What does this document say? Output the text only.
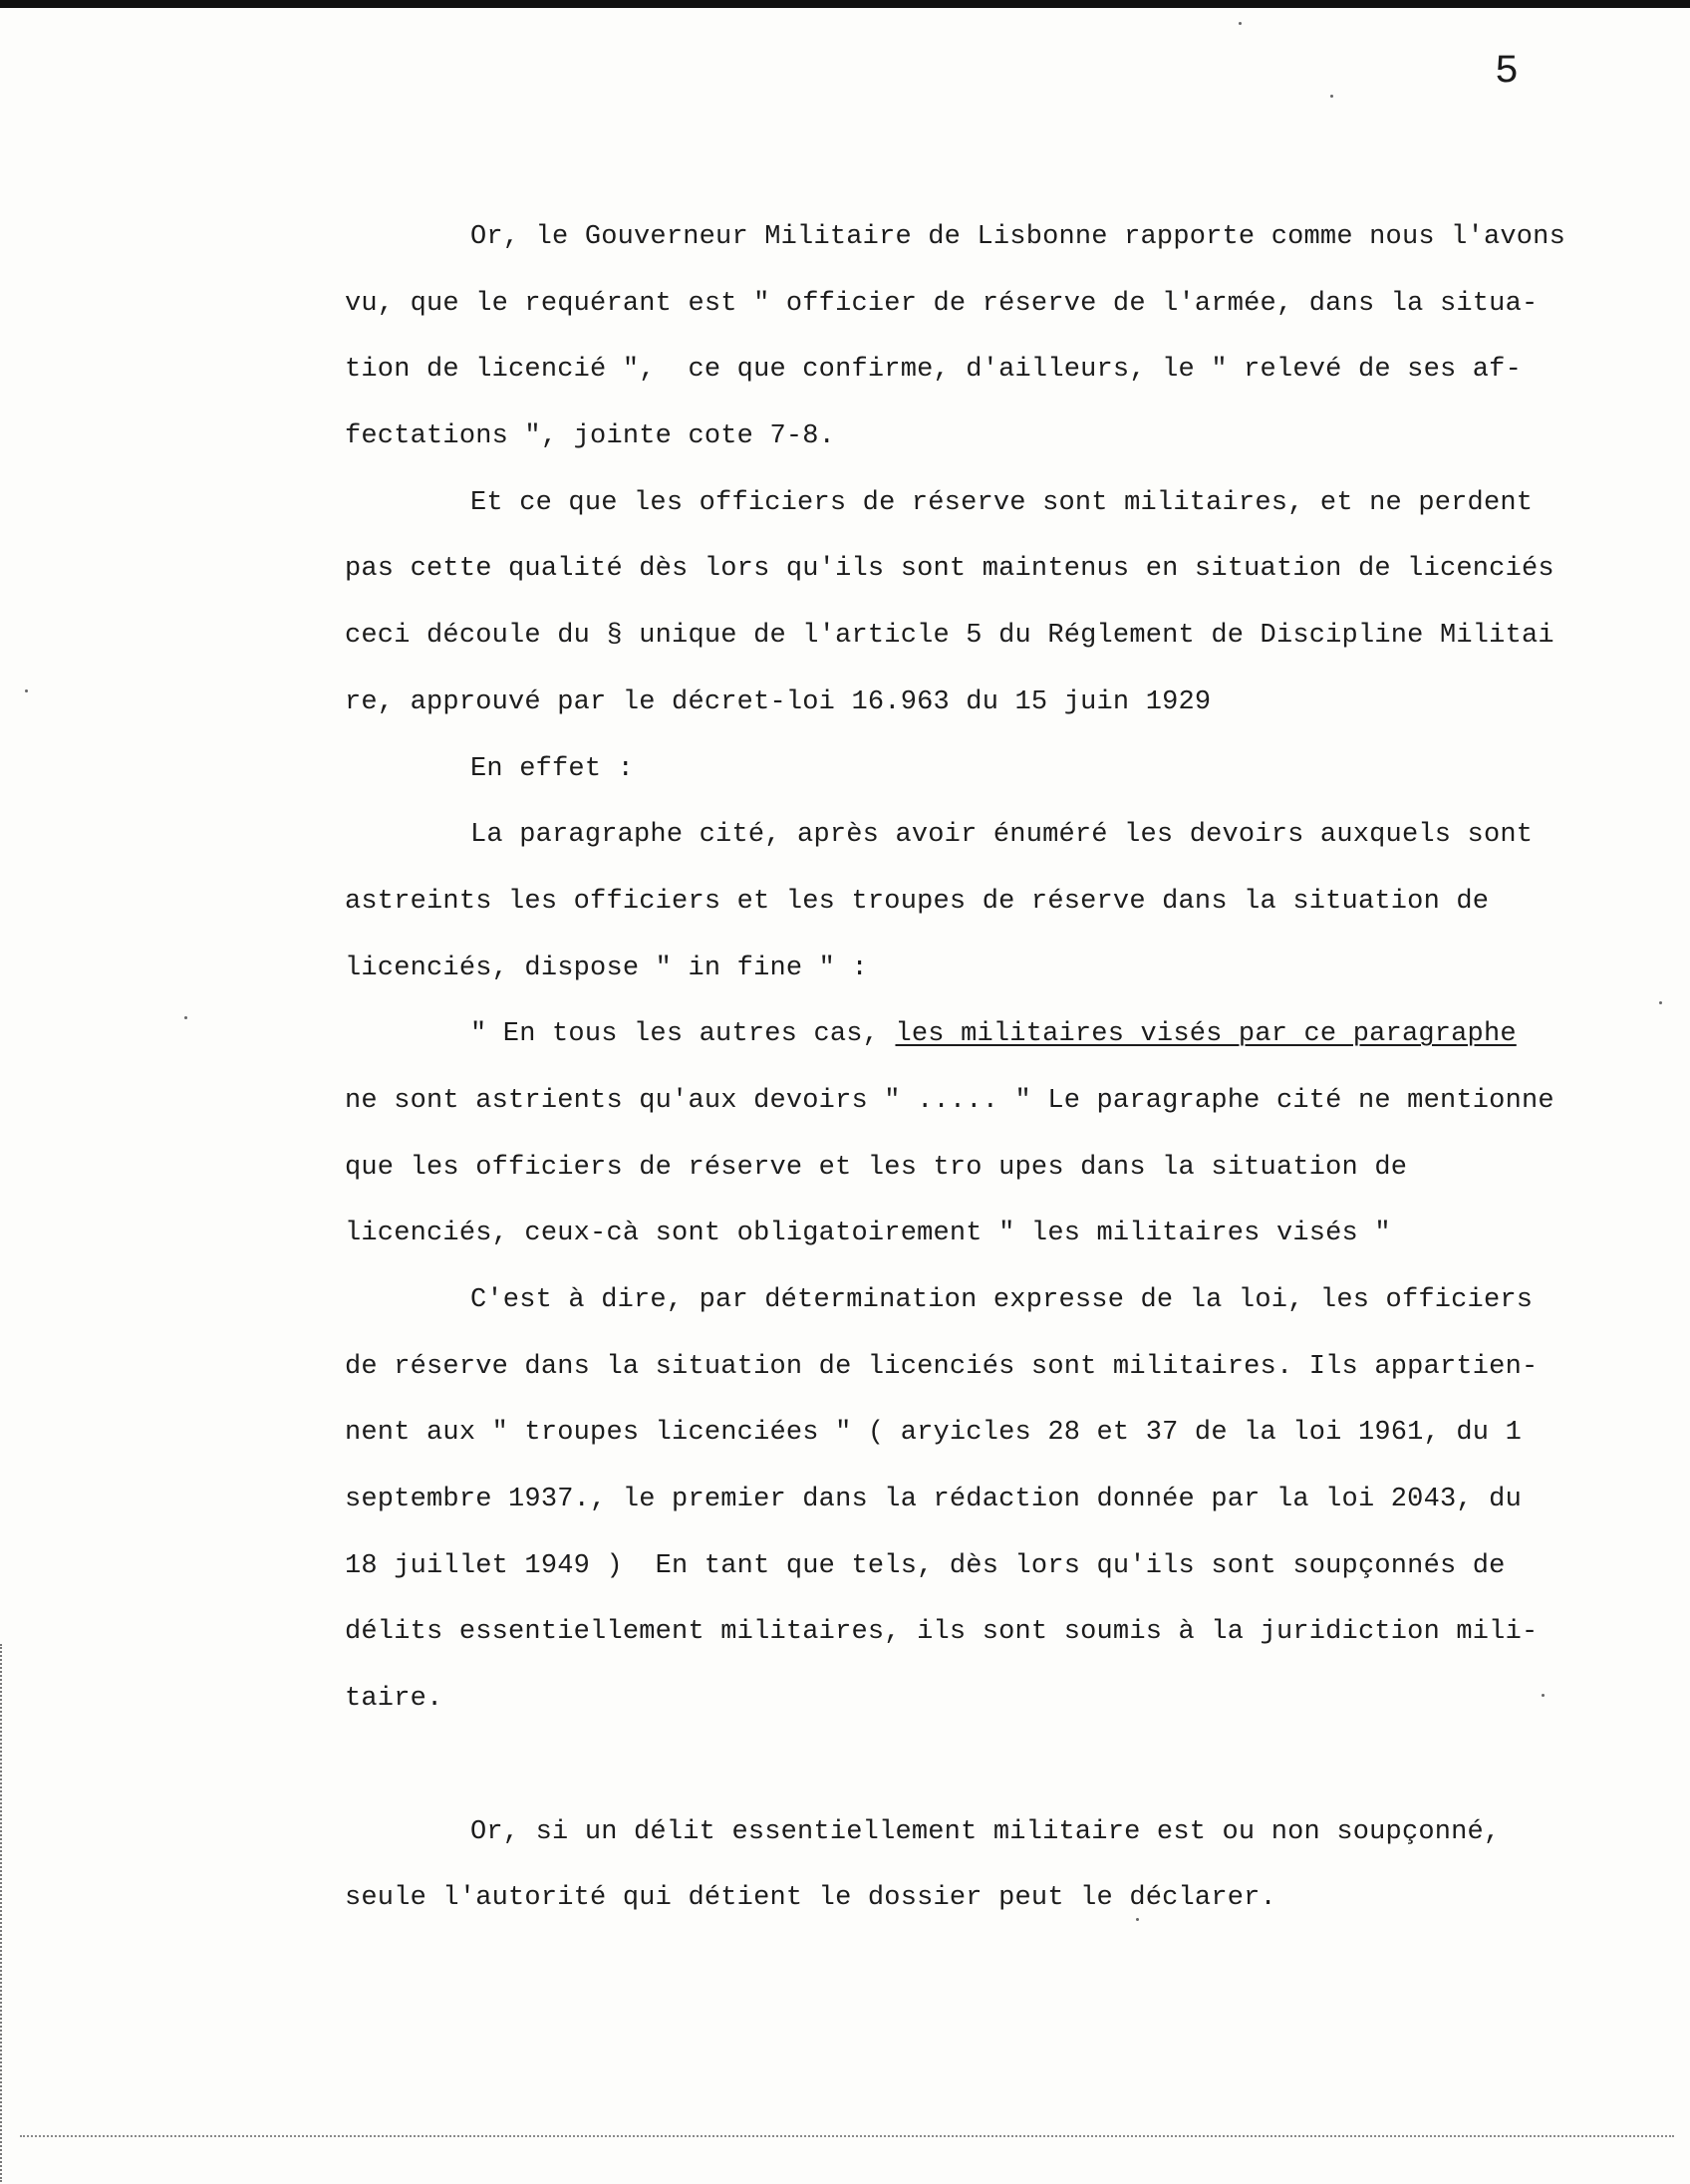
5
Or, le Gouverneur Militaire de Lisbonne rapporte comme nous l'avons
vu, que le requérant est " officier de réserve de l'armée, dans la situa-
tion de licencié ",  ce que confirme, d'ailleurs, le " relevé de ses af-
fectations ", jointe cote 7-8.
Et ce que les officiers de réserve sont militaires, et ne perdent
pas cette qualité dès lors qu'ils sont maintenus en situation de licenciés
ceci découle du § unique de l'article 5 du Réglement de Discipline Militai
re, approuvé par le décret-loi 16.963 du 15 juin 1929
En effet :
La paragraphe cité, après avoir énuméré les devoirs auxquels sont
astreints les officiers et les troupes de réserve dans la situation de
licenciés, dispose " in fine " :
" En tous les autres cas, les militaires visés par ce paragraphe
ne sont astrients qu'aux devoirs " ..... " Le paragraphe cité ne mentionne
que les officiers de réserve et les tro upes dans la situation de
licenciés, ceux-cà sont obligatoirement " les militaires visés "
C'est à dire, par détermination expresse de la loi, les officiers
de réserve dans la situation de licenciés sont militaires. Ils appartien-
nent aux " troupes licenciées " ( aryicles 28 et 37 de la loi 1961, du 1
septembre 1937., le premier dans la rédaction donnée par la loi 2043, du
18 juillet 1949 )  En tant que tels, dès lors qu'ils sont soupçonnés de
délits essentiellement militaires, ils sont soumis à la juridiction mili-
taire.
Or, si un délit essentiellement militaire est ou non soupçonné,
seule l'autorité qui détient le dossier peut le déclarer.
